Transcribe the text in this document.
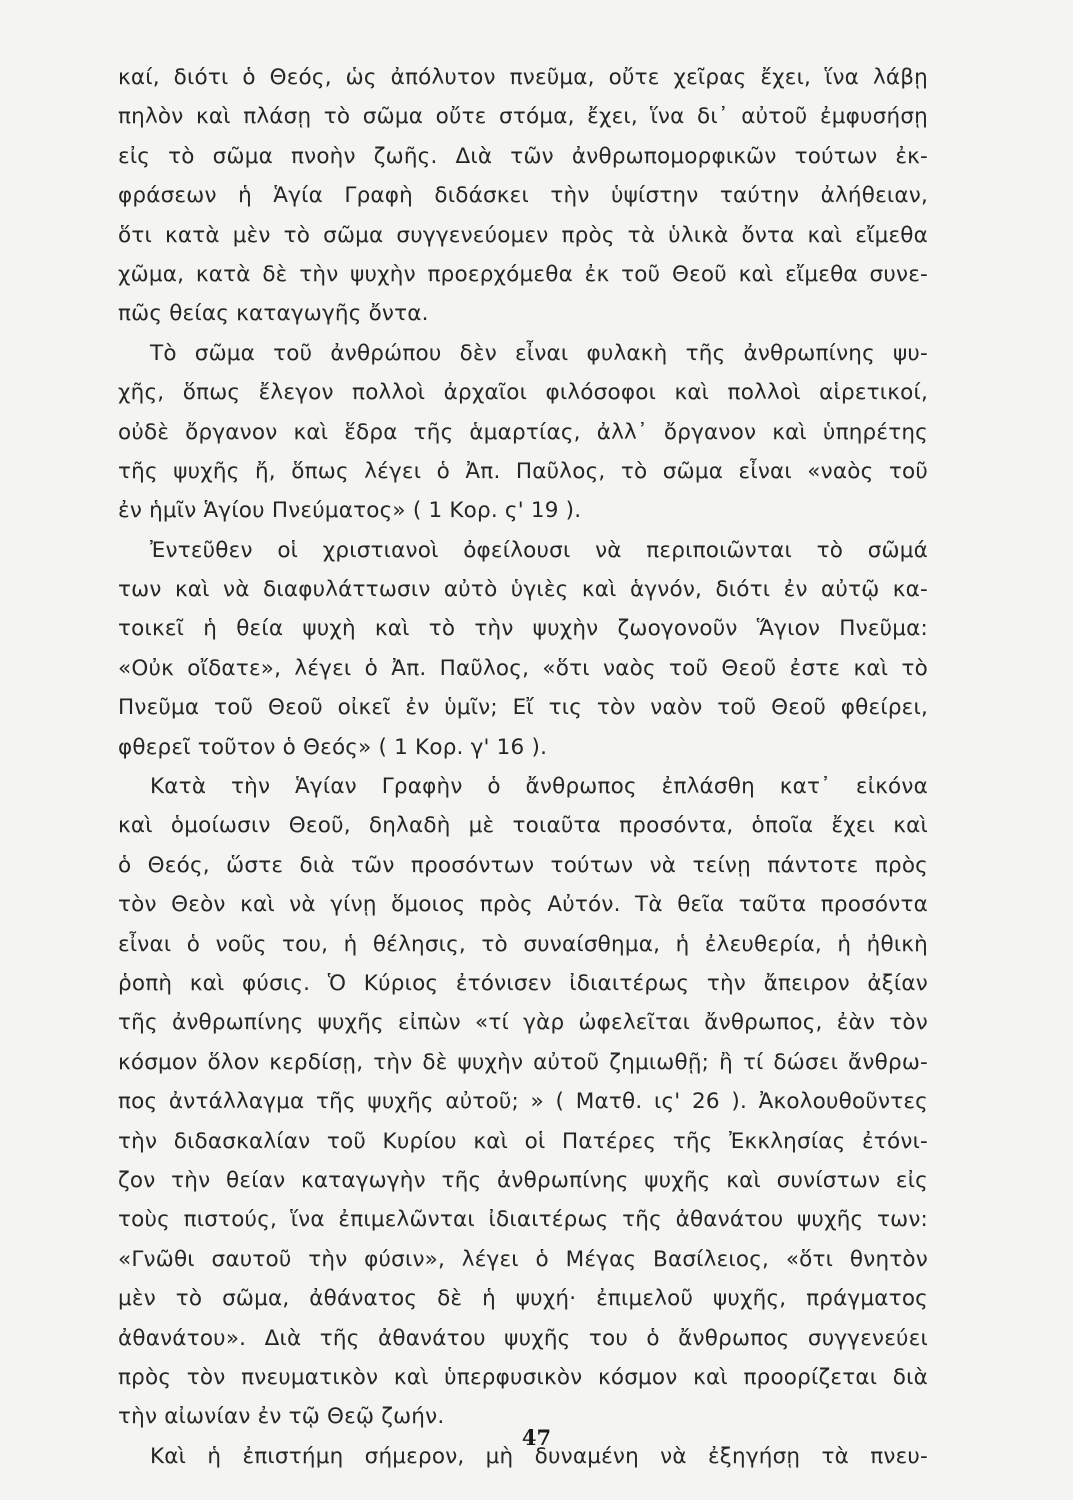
καί, διότι ὁ Θεός, ὡς ἀπόλυτον πνεῦμα, οὔτε χεῖρας ἔχει, ἵνα λάβῃ
πηλὸν καὶ πλάσῃ τὸ σῶμα οὔτε στόμα, ἔχει, ἵνα δι᾽ αὐτοῦ ἐμφυσήσῃ
εἰς τὸ σῶμα πνοὴν ζωῆς. Διὰ τῶν ἀνθρωπομορφικῶν τούτων ἐκ-
φράσεων ἡ Ἁγία Γραφὴ διδάσκει τὴν ὑψίστην ταύτην ἀλήθειαν,
ὅτι κατὰ μὲν τὸ σῶμα συγγενεύομεν πρὸς τὰ ὑλικὰ ὄντα καὶ εἴμεθα
χῶμα, κατὰ δὲ τὴν ψυχὴν προερχόμεθα ἐκ τοῦ Θεοῦ καὶ εἴμεθα συνε-
πῶς θείας καταγωγῆς ὄντα.
Τὸ σῶμα τοῦ ἀνθρώπου δὲν εἶναι φυλακὴ τῆς ἀνθρωπίνης ψυ-
χῆς, ὅπως ἔλεγον πολλοὶ ἀρχαῖοι φιλόσοφοι καὶ πολλοὶ αἱρετικοί,
οὐδὲ ὄργανον καὶ ἕδρα τῆς ἁμαρτίας, ἀλλ᾽ ὄργανον καὶ ὑπηρέτης
τῆς ψυχῆς ἤ, ὅπως λέγει ὁ Ἀπ. Παῦλος, τὸ σῶμα εἶναι «ναὸς τοῦ
ἐν ἡμῖν Ἁγίου Πνεύματος» ( 1 Κορ. ς' 19 ).
Ἐντεῦθεν οἱ χριστιανοὶ ὀφείλουσι νὰ περιποιῶνται τὸ σῶμά
των καὶ νὰ διαφυλάττωσιν αὐτὸ ὑγιὲς καὶ ἁγνόν, διότι ἐν αὐτῷ κα-
τοικεῖ ἡ θεία ψυχὴ καὶ τὸ τὴν ψυχὴν ζωογονοῦν Ἅγιον Πνεῦμα:
«Οὐκ οἴδατε», λέγει ὁ Ἀπ. Παῦλος, «ὅτι ναὸς τοῦ Θεοῦ ἐστε καὶ τὸ
Πνεῦμα τοῦ Θεοῦ οἰκεῖ ἐν ὑμῖν; Εἴ τις τὸν ναὸν τοῦ Θεοῦ φθείρει,
φθερεῖ τοῦτον ὁ Θεός» ( 1 Κορ. γ' 16 ).
Κατὰ τὴν Ἁγίαν Γραφὴν ὁ ἄνθρωπος ἐπλάσθη κατ᾽ εἰκόνα
καὶ ὁμοίωσιν Θεοῦ, δηλαδὴ μὲ τοιαῦτα προσόντα, ὁποῖα ἔχει καὶ
ὁ Θεός, ὥστε διὰ τῶν προσόντων τούτων νὰ τείνῃ πάντοτε πρὸς
τὸν Θεὸν καὶ νὰ γίνῃ ὅμοιος πρὸς Αὐτόν. Τὰ θεῖα ταῦτα προσόντα
εἶναι ὁ νοῦς του, ἡ θέλησις, τὸ συναίσθημα, ἡ ἐλευθερία, ἡ ἠθικὴ
ῥοπὴ καὶ φύσις. Ὁ Κύριος ἐτόνισεν ἰδιαιτέρως τὴν ἄπειρον ἀξίαν
τῆς ἀνθρωπίνης ψυχῆς εἰπὼν «τί γὰρ ὠφελεῖται ἄνθρωπος, ἐὰν τὸν
κόσμον ὅλον κερδίσῃ, τὴν δὲ ψυχὴν αὐτοῦ ζημιωθῇ; ἢ τί δώσει ἄνθρω-
πος ἀντάλλαγμα τῆς ψυχῆς αὐτοῦ; » ( Ματθ. ις' 26 ). Ἀκολουθοῦντες
τὴν διδασκαλίαν τοῦ Κυρίου καὶ οἱ Πατέρες τῆς Ἐκκλησίας ἐτόνι-
ζον τὴν θείαν καταγωγὴν τῆς ἀνθρωπίνης ψυχῆς καὶ συνίστων εἰς
τοὺς πιστούς, ἵνα ἐπιμελῶνται ἰδιαιτέρως τῆς ἀθανάτου ψυχῆς των:
«Γνῶθι σαυτοῦ τὴν φύσιν», λέγει ὁ Μέγας Βασίλειος, «ὅτι θνητὸν
μὲν τὸ σῶμα, ἀθάνατος δὲ ἡ ψυχή· ἐπιμελοῦ ψυχῆς, πράγματος
ἀθανάτου». Διὰ τῆς ἀθανάτου ψυχῆς του ὁ ἄνθρωπος συγγενεύει
πρὸς τὸν πνευματικὸν καὶ ὑπερφυσικὸν κόσμον καὶ προορίζεται διὰ
τὴν αἰωνίαν ἐν τῷ Θεῷ ζωήν.
Καὶ ἡ ἐπιστήμη σήμερον, μὴ δυναμένη νὰ ἐξηγήσῃ τὰ πνευ-
47
